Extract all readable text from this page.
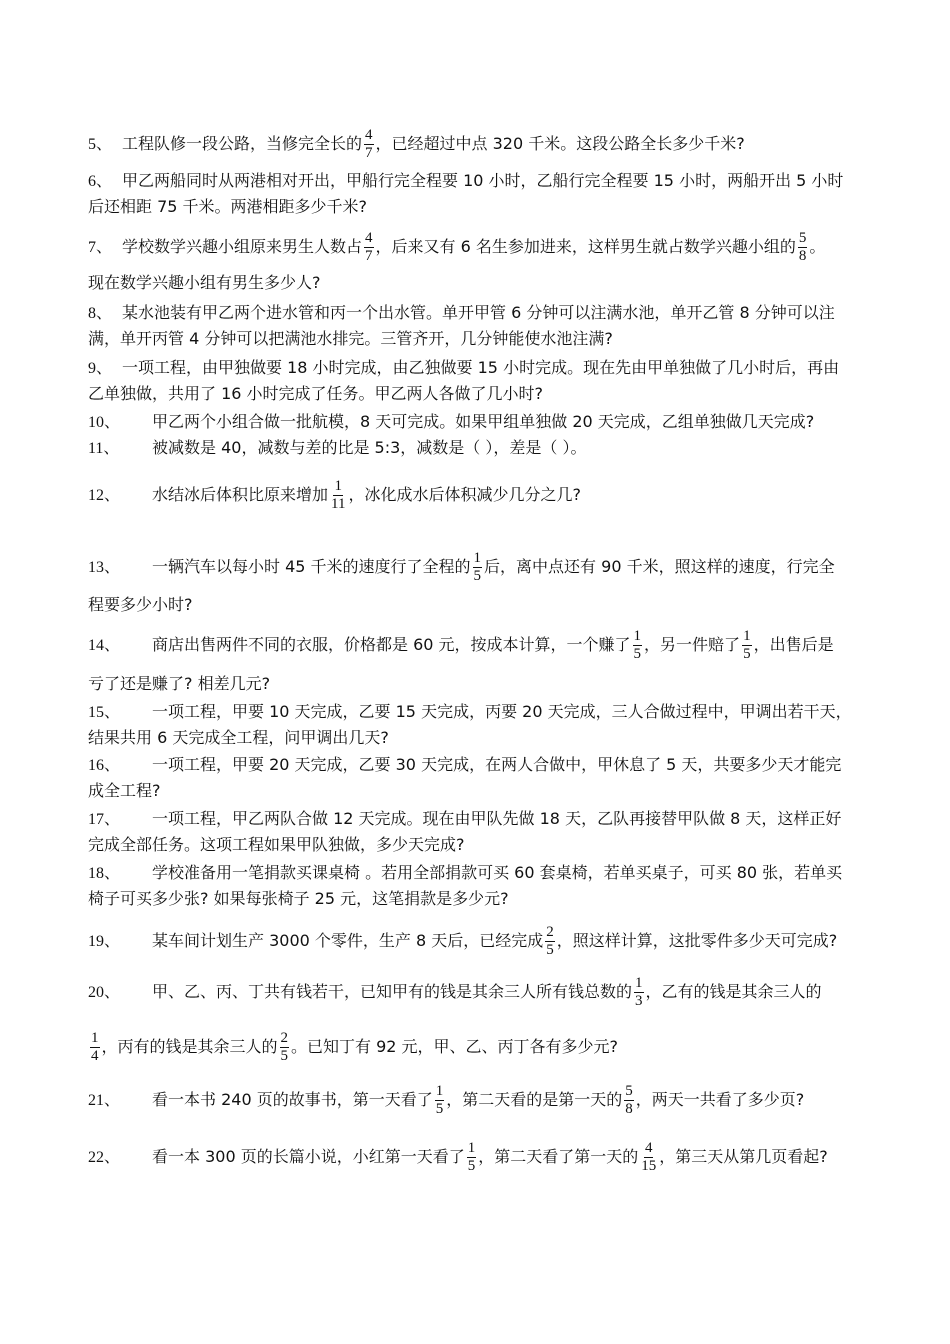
5、 工程队修一段公路，当修完全长的 $\frac{4}{7}$ ，已经超过中点 320 千米。这段公路全长多少千米?
6、 甲乙两船同时从两港相对开出，甲船行完全程要 10 小时，乙船行完全程要 15 小时，两船开出 5 小时
后还相距 75 千米。两港相距多少千米?
7、 学校数学兴趣小组原来男生人数占 $\frac{4}{7}$ ，后来又有 6 名生参加进来，这样男生就占数学兴趣小组的 $\frac{5}{8}$ 。
现在数学兴趣小组有男生多少人?
8、 某水池装有甲乙两个进水管和丙一个出水管。单开甲管 6 分钟可以注满水池，单开乙管 8 分钟可以注
满，单开丙管 4 分钟可以把满池水排完。三管齐开，几分钟能使水池注满?
9、 一项工程，由甲独做要 18 小时完成，由乙独做要 15 小时完成。现在先由甲单独做了几小时后，再由
乙单独做，共用了 16 小时完成了任务。甲乙两人各做了几小时?
10、 甲乙两个小组合做一批航模，8 天可完成。如果甲组单独做 20 天完成，乙组单独做几天完成?
11、 被减数是 40，减数与差的比是 5:3，减数是（ ），差是（ ）。
12、 水结冰后体积比原来增加 $\frac{1}{11}$ ，冰化成水后体积减少几分之几?
13、 一辆汽车以每小时 45 千米的速度行了全程的 $\frac{1}{5}$ 后，离中点还有 90 千米，照这样的速度，行完全
程要多少小时?
14、 商店出售两件不同的衣服，价格都是 60 元，按成本计算，一个赚了 $\frac{1}{5}$ ，另一件赔了 $\frac{1}{5}$ ，出售后是
亏了还是赚了? 相差几元?
15、 一项工程，甲要 10 天完成，乙要 15 天完成，丙要 20 天完成，三人合做过程中，甲调出若干天，
结果共用 6 天完成全工程，问甲调出几天?
16、 一项工程，甲要 20 天完成，乙要 30 天完成，在两人合做中，甲休息了 5 天，共要多少天才能完
成全工程?
17、 一项工程，甲乙两队合做 12 天完成。现在由甲队先做 18 天，乙队再接替甲队做 8 天，这样正好
完成全部任务。这项工程如果甲队独做，多少天完成?
18、 学校准备用一笔捐款买课桌椅 。若用全部捐款可买 60 套桌椅，若单买桌子，可买 80 张，若单买
椅子可买多少张? 如果每张椅子 25 元，这笔捐款是多少元?
19、 某车间计划生产 3000 个零件，生产 8 天后，已经完成 $\frac{2}{5}$ ，照这样计算，这批零件多少天可完成?
20、 甲、乙、丙、丁共有钱若干，已知甲有的钱是其余三人所有钱总数的 $\frac{1}{3}$ ，乙有的钱是其余三人的
$\frac{1}{4}$ ，丙有的钱是其余三人的 $\frac{2}{5}$ 。已知丁有 92 元，甲、乙、丙丁各有多少元?
21、 看一本书 240 页的故事书，第一天看了 $\frac{1}{5}$ ，第二天看的是第一天的 $\frac{5}{8}$ ，两天一共看了多少页?
22、 看一本 300 页的长篇小说，小红第一天看了 $\frac{1}{5}$ ，第二天看了第一天的 $\frac{4}{15}$ ，第三天从第几页看起?
